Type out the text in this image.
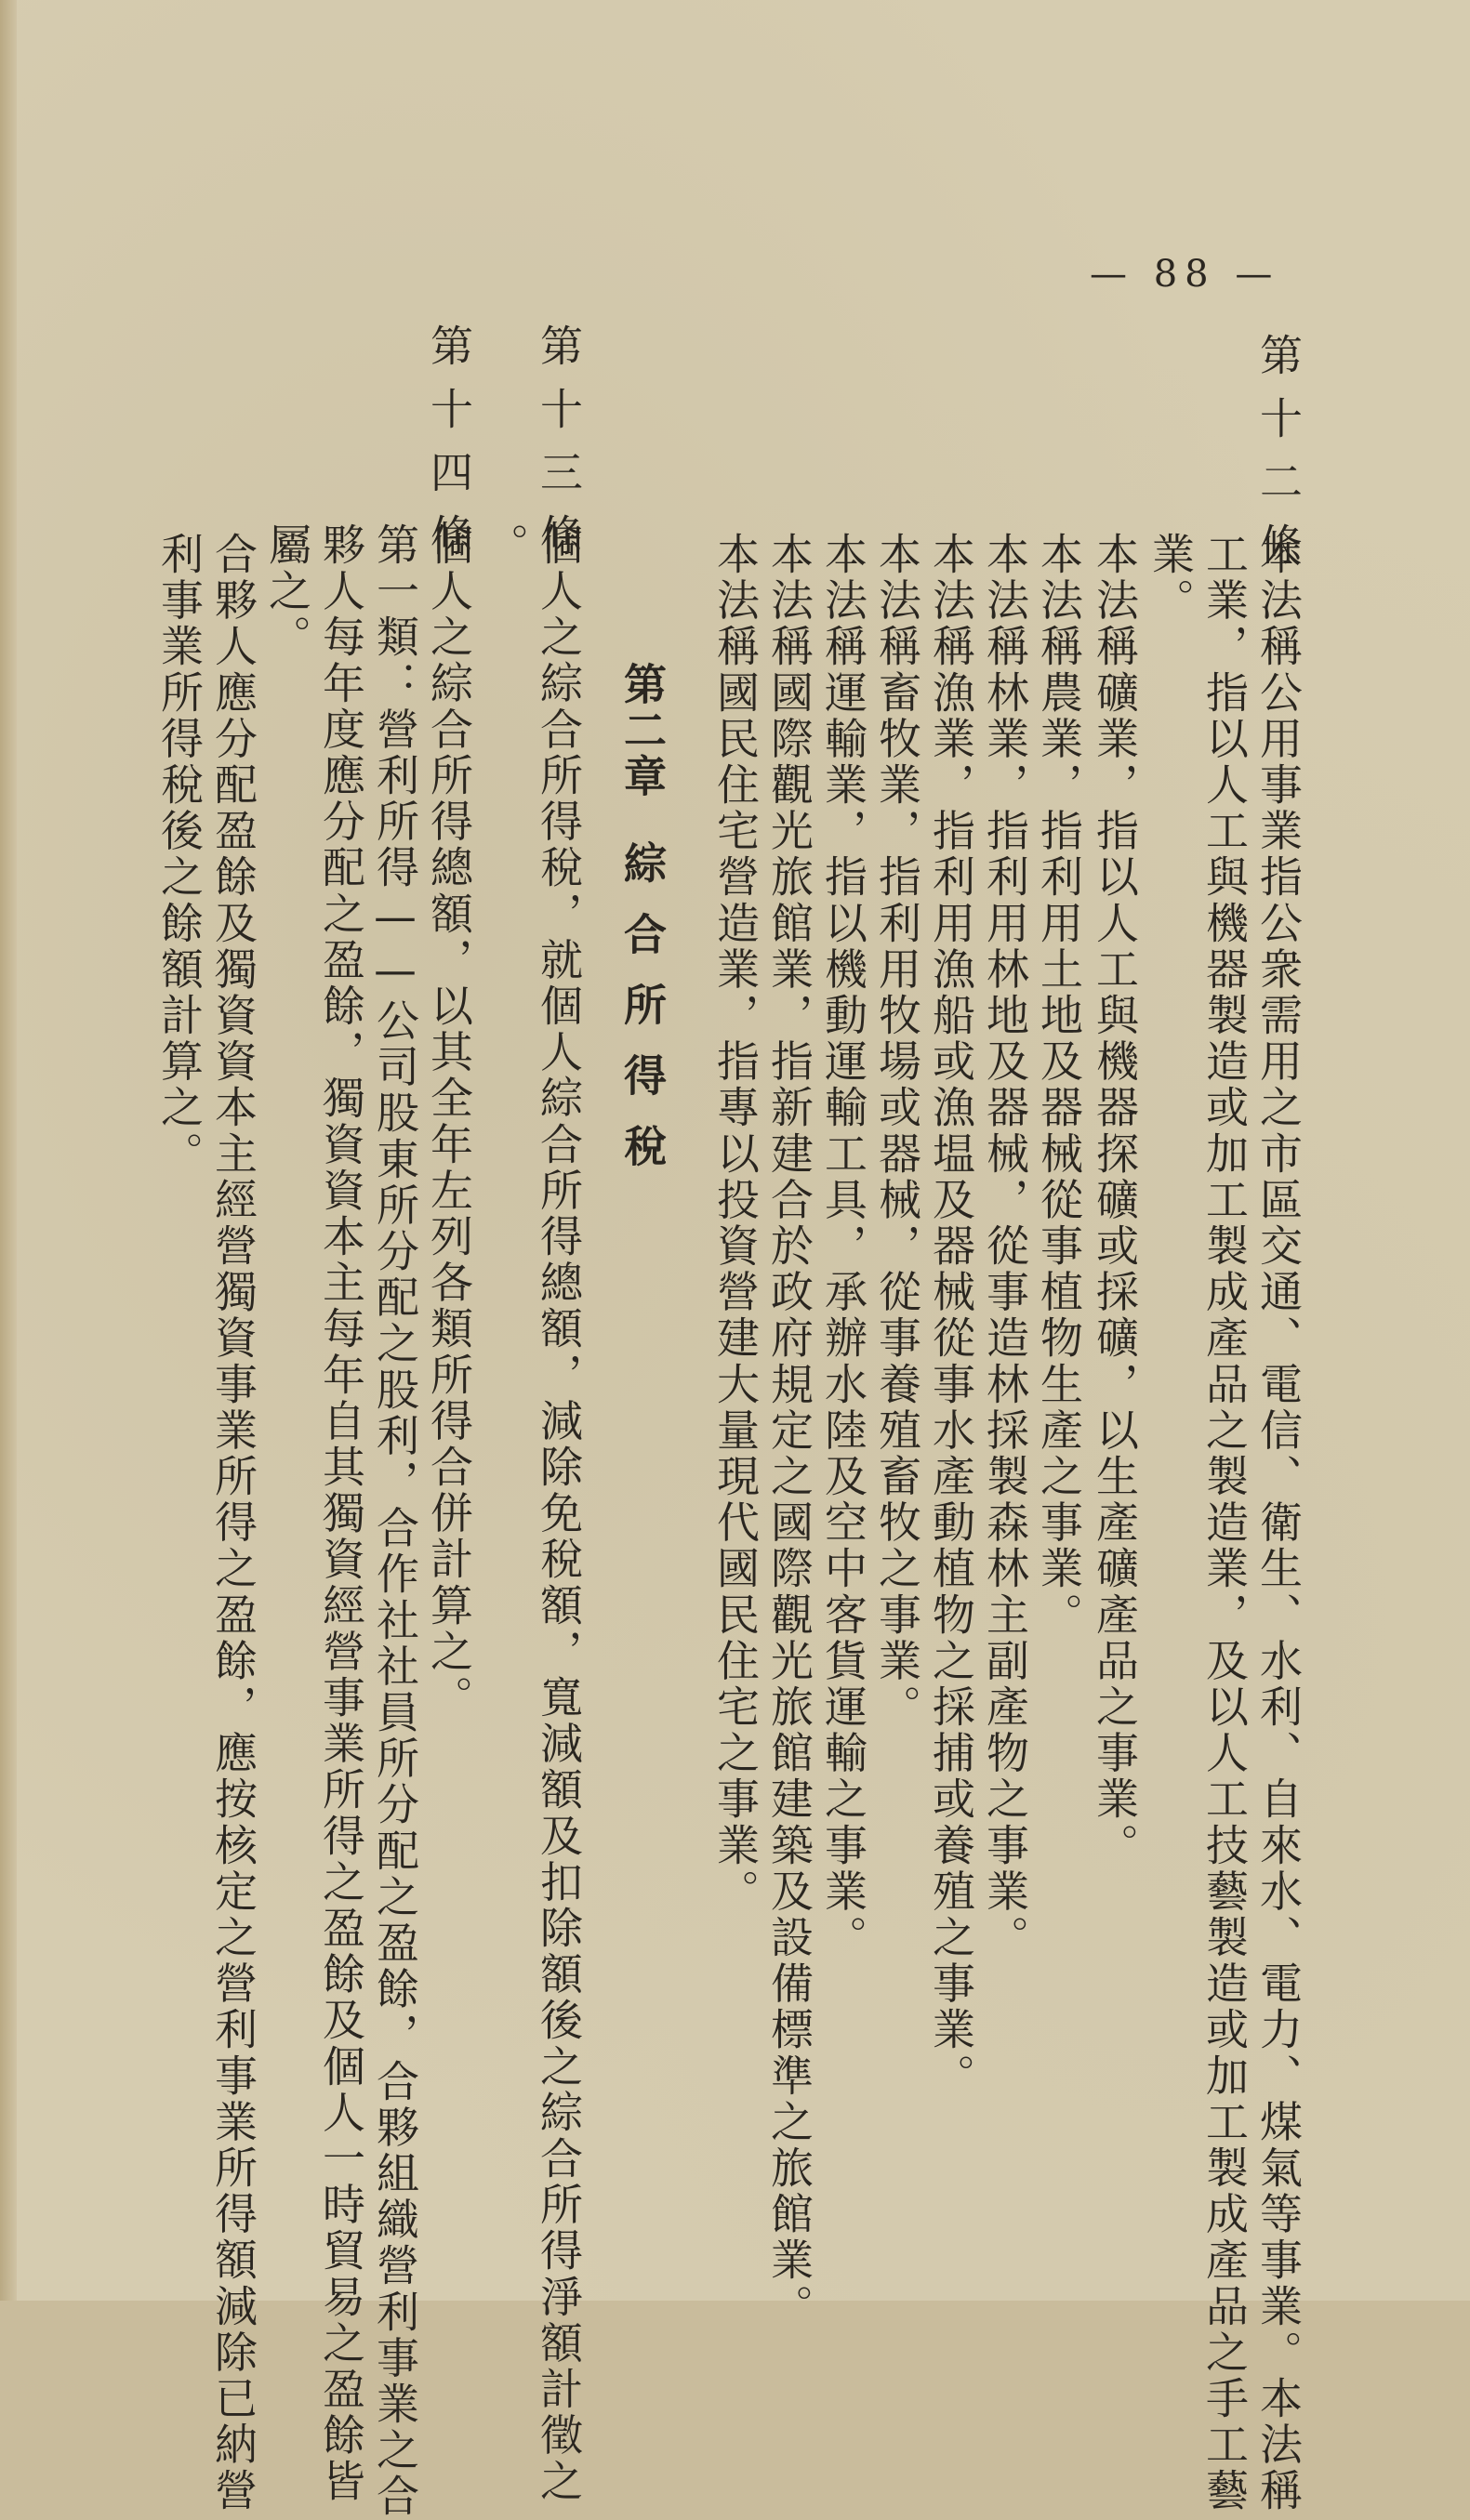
— 88 —
第十二條
本法稱公用事業指公衆需用之市區交通、電信、衛生、水利、自來水、電力、煤氣等事業。本法稱
工業，指以人工與機器製造或加工製成產品之製造業，及以人工技藝製造或加工製成產品之手工藝
業。
本法稱礦業，指以人工與機器探礦或採礦，以生產礦產品之事業。
本法稱農業，指利用土地及器械從事植物生產之事業。
本法稱林業，指利用林地及器械，從事造林採製森林主副產物之事業。
本法稱漁業，指利用漁船或漁塭及器械從事水產動植物之採捕或養殖之事業。
本法稱畜牧業，指利用牧場或器械，從事養殖畜牧之事業。
本法稱運輸業，指以機動運輸工具，承辦水陸及空中客貨運輸之事業。
本法稱國際觀光旅館業，指新建合於政府規定之國際觀光旅館建築及設備標準之旅館業。
本法稱國民住宅營造業，指專以投資營建大量現代國民住宅之事業。
第二章綜合所得稅
第十三條
個人之綜合所得稅，就個人綜合所得總額，減除免稅額，寬減額及扣除額後之綜合所得淨額計徵之
。
第十四條
個人之綜合所得總額，以其全年左列各類所得合併計算之。
第一類：營利所得——公司股東所分配之股利，合作社社員所分配之盈餘，合夥組織營利事業之合
夥人每年度應分配之盈餘，獨資資本主每年自其獨資經營事業所得之盈餘及個人一時貿易之盈餘皆
屬之。
合夥人應分配盈餘及獨資資本主經營獨資事業所得之盈餘，應按核定之營利事業所得額減除已納營
利事業所得稅後之餘額計算之。
